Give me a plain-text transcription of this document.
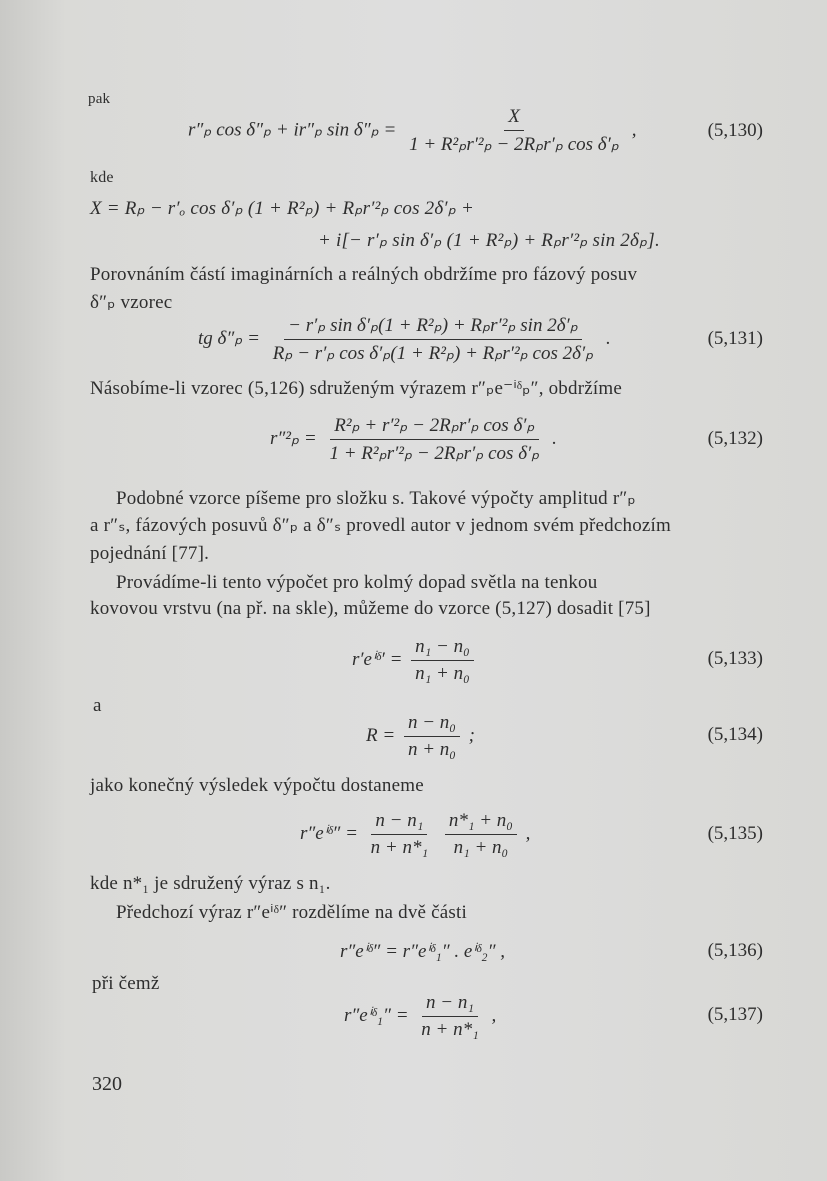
pak
r″ₚ cos δ″ₚ + ir″ₚ $\sin \delta''_p = \frac{X}{\text{1 + R²ₚr′²ₚ − 2Rₚr′ₚ cos δ′ₚ}}$ ,	(5,130)
kde
X = Rₚ − r′ₒ cos δ′ₚ (1 + R²ₚ) + Rₚr′²ₚ cos 2δ′ₚ +
+ i[− r′ₚ sin δ′ₚ (1 + R²ₚ) + Rₚr′²ₚ sin 2δₚ].
Porovnáním částí imaginárních a reálných obdržíme pro fázový posuv
δ″ₚ vzorec
tg $\delta''_p = \frac{\text{− r′ₚ sin δ′ₚ(1 + R²ₚ) + Rₚr′²ₚ sin 2δ′ₚ}}{\text{Rₚ − r′ₚ cos δ′ₚ(1 + R²ₚ) + Rₚr′²ₚ cos 2δ′ₚ}}$ .	(5,131)
Násobíme-li vzorec (5,126) sdruženým výrazem r″ₚe⁻ⁱᵟₚ″, obdržíme
$r''^2_p = \frac{\text{R²ₚ + r′²ₚ − 2Rₚr′ₚ cos δ′ₚ}}{\text{1 + R²ₚr′²ₚ − 2Rₚr′ₚ cos δ′ₚ}}$ .	(5,132)
Podobné vzorce píšeme pro složku s. Takové výpočty amplitud r″ₚ
a r″ₛ, fázových posuvů δ″ₚ a δ″ₛ provedl autor v jednom svém předchozím
pojednání [77].
Provádíme-li tento výpočet pro kolmý dopad světla na tenkou
kovovou vrstvu (na př. na skle), můžeme do vzorce (5,127) dosadit [75]
r′eⁱᵟ′ = $\frac{\text{n₁ − n₀}}{\text{n₁ + n₀}}$	(5,133)
a
$R = \frac{\text{n − n₀}}{\text{n + n₀}}$ ;	(5,134)
jako konečný výsledek výpočtu dostaneme
r″eⁱᵟ″ = $\frac{\text{n − n₁}}{\text{n + n*₁}}$
$\frac{\text{n*₁ + n₀}}{\text{n₁ + n₀}}$ ,	(5,135)
kde n*₁ je sdružený výraz s n₁.
Předchozí výraz r″eⁱᵟ″ rozdělíme na dvě části
r″eⁱᵟ″ = r″eⁱᵟ₁″ . eⁱᵟ₂″ ,	(5,136)
při čemž
r″eⁱᵟ₁″ = $\frac{\text{n − n₁}}{\text{n + n*₁}}$ ,	(5,137)
320
